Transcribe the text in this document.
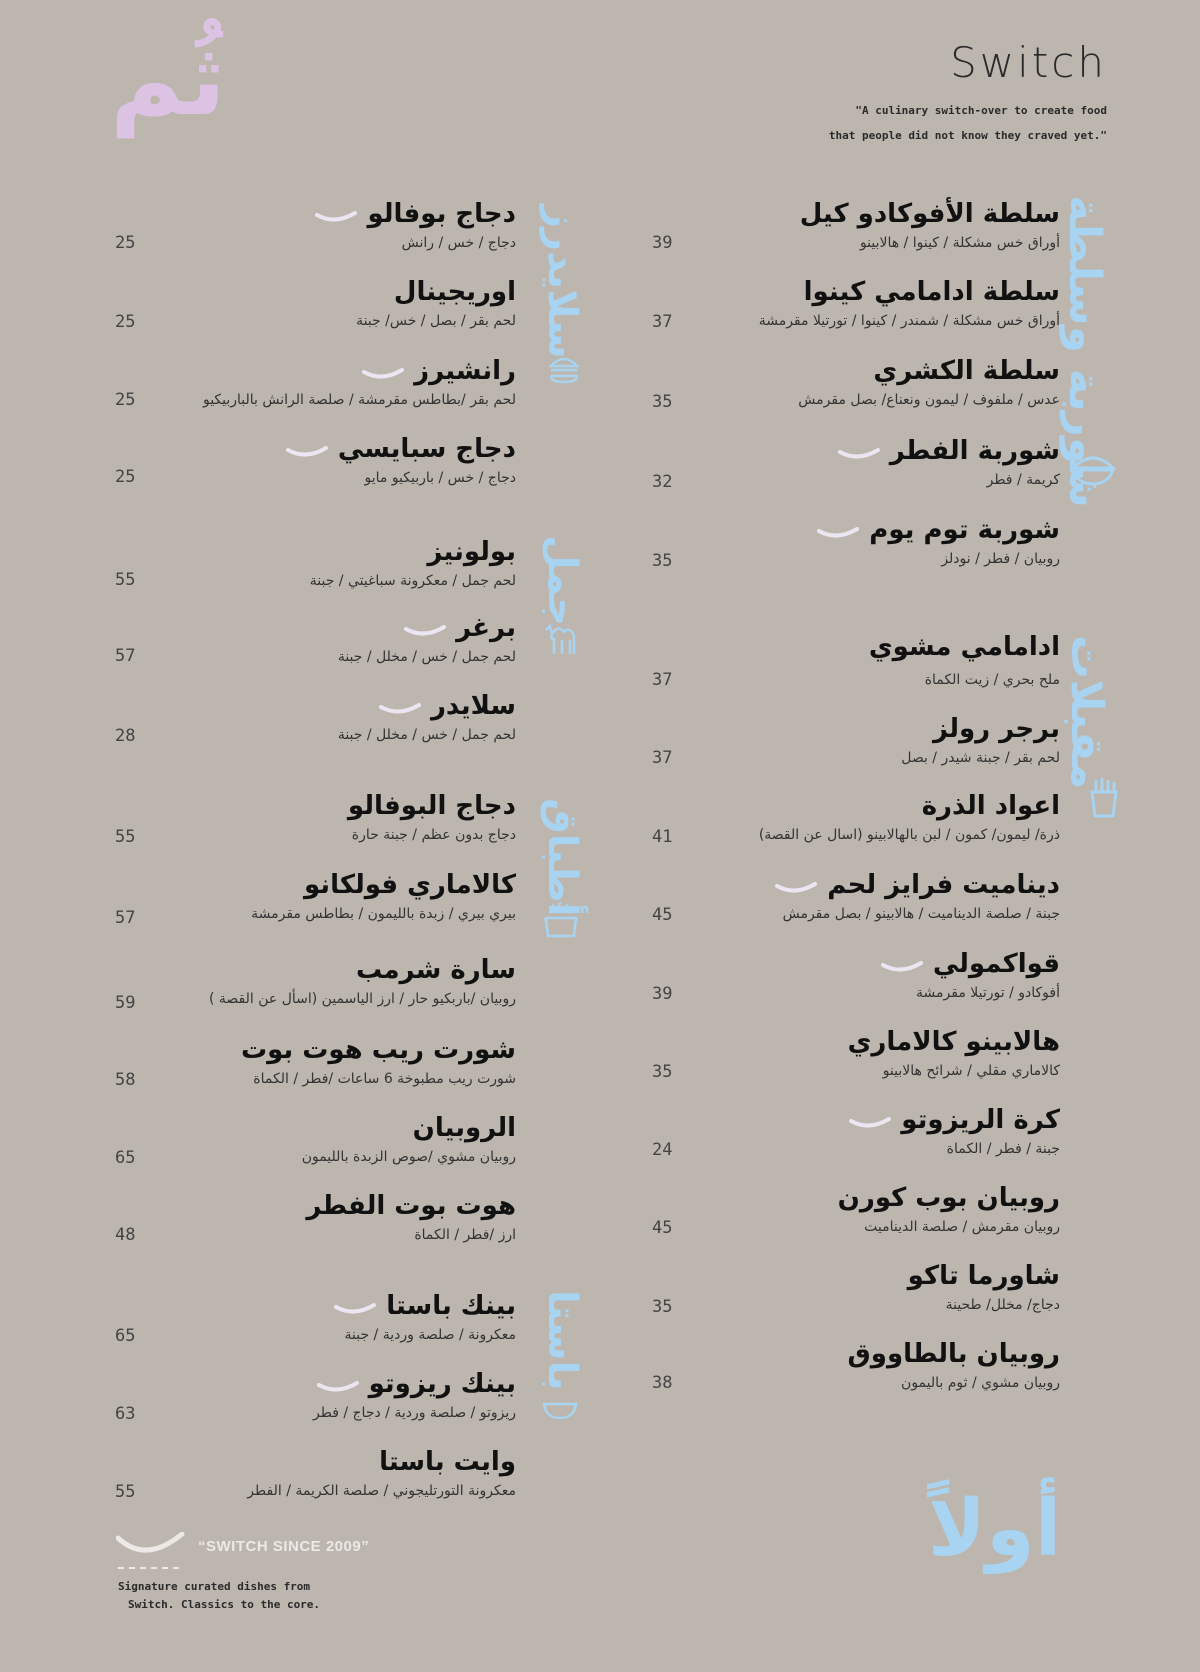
Switch
"A culinary switch-over to create food
that people did not know they craved yet."
ثُم
أولاً
شوربة وسلطة
مقبلات
سلايدرز
جمل
أطباق
باستا
سلطة الأفوكادو كيل
أوراق خس مشكلة / كينوا / هالابينو
39
سلطة ادامامي كينوا
أوراق خس مشكلة / شمندر / كينوا / تورتيلا مقرمشة
37
سلطة الكشري
عدس / ملفوف / ليمون ونعناع/ بصل مقرمش
35
شوربة الفطر
كريمة / فطر
32
شوربة توم يوم
روبيان / فطر / نودلز
35
ادامامي مشوي
ملح بحري / زيت الكماة
37
برجر رولز
لحم بقر / جبنة شيدر / بصل
37
اعواد الذرة
ذرة/ ليمون/ كمون / لبن بالهالابينو (اسال عن القصة)
41
ديناميت فرايز لحم
جبنة / صلصة الديناميت / هالابينو / بصل مقرمش
45
قواكمولي
أفوكادو / تورتيلا مقرمشة
39
هالابينو كالاماري
كالاماري مقلي / شرائح هالابينو
35
كرة الريزوتو
جبنة / فطر / الكماة
24
روبيان بوب كورن
روبيان مقرمش / صلصة الديناميت
45
شاورما تاكو
دجاج/ مخلل/ طحينة
35
روبيان بالطاووق
روبيان مشوي / ثوم باليمون
38
دجاج بوفالو
دجاج / خس / رانش
25
اوريجينال
لحم بقر / بصل / خس/ جبنة
25
رانشيرز
لحم بقر /بطاطس مقرمشة / صلصة الرانش بالباربيكيو
25
دجاج سبايسي
دجاج / خس / باربيكيو مايو
25
بولونيز
لحم جمل / معكرونة سباغيتي / جبنة
55
برغر
لحم جمل / خس / مخلل / جبنة
57
سلايدر
لحم جمل / خس / مخلل / جبنة
28
دجاج البوفالو
دجاج بدون عظم / جبنة حارة
55
كالاماري فولكانو
بيري بيري / زبدة بالليمون / بطاطس مقرمشة
57
سارة شرمب
روبيان /باربكيو حار / ارز الياسمين (اسأل عن القصة )
59
شورت ريب هوت بوت
شورت ريب مطبوخة 6 ساعات /فطر / الكماة
58
الروبيان
روبيان مشوي /صوص الزبدة بالليمون
65
هوت بوت الفطر
ارز /فطر / الكماة
48
بينك باستا
معكرونة / صلصة وردية / جبنة
65
بينك ريزوتو
ريزوتو / صلصة وردية / دجاج / فطر
63
وايت باستا
معكرونة التورتليجوني / صلصة الكريمة / الفطر
55
“SWITCH SINCE 2009”
Signature curated dishes from
Switch. Classics to the core.
